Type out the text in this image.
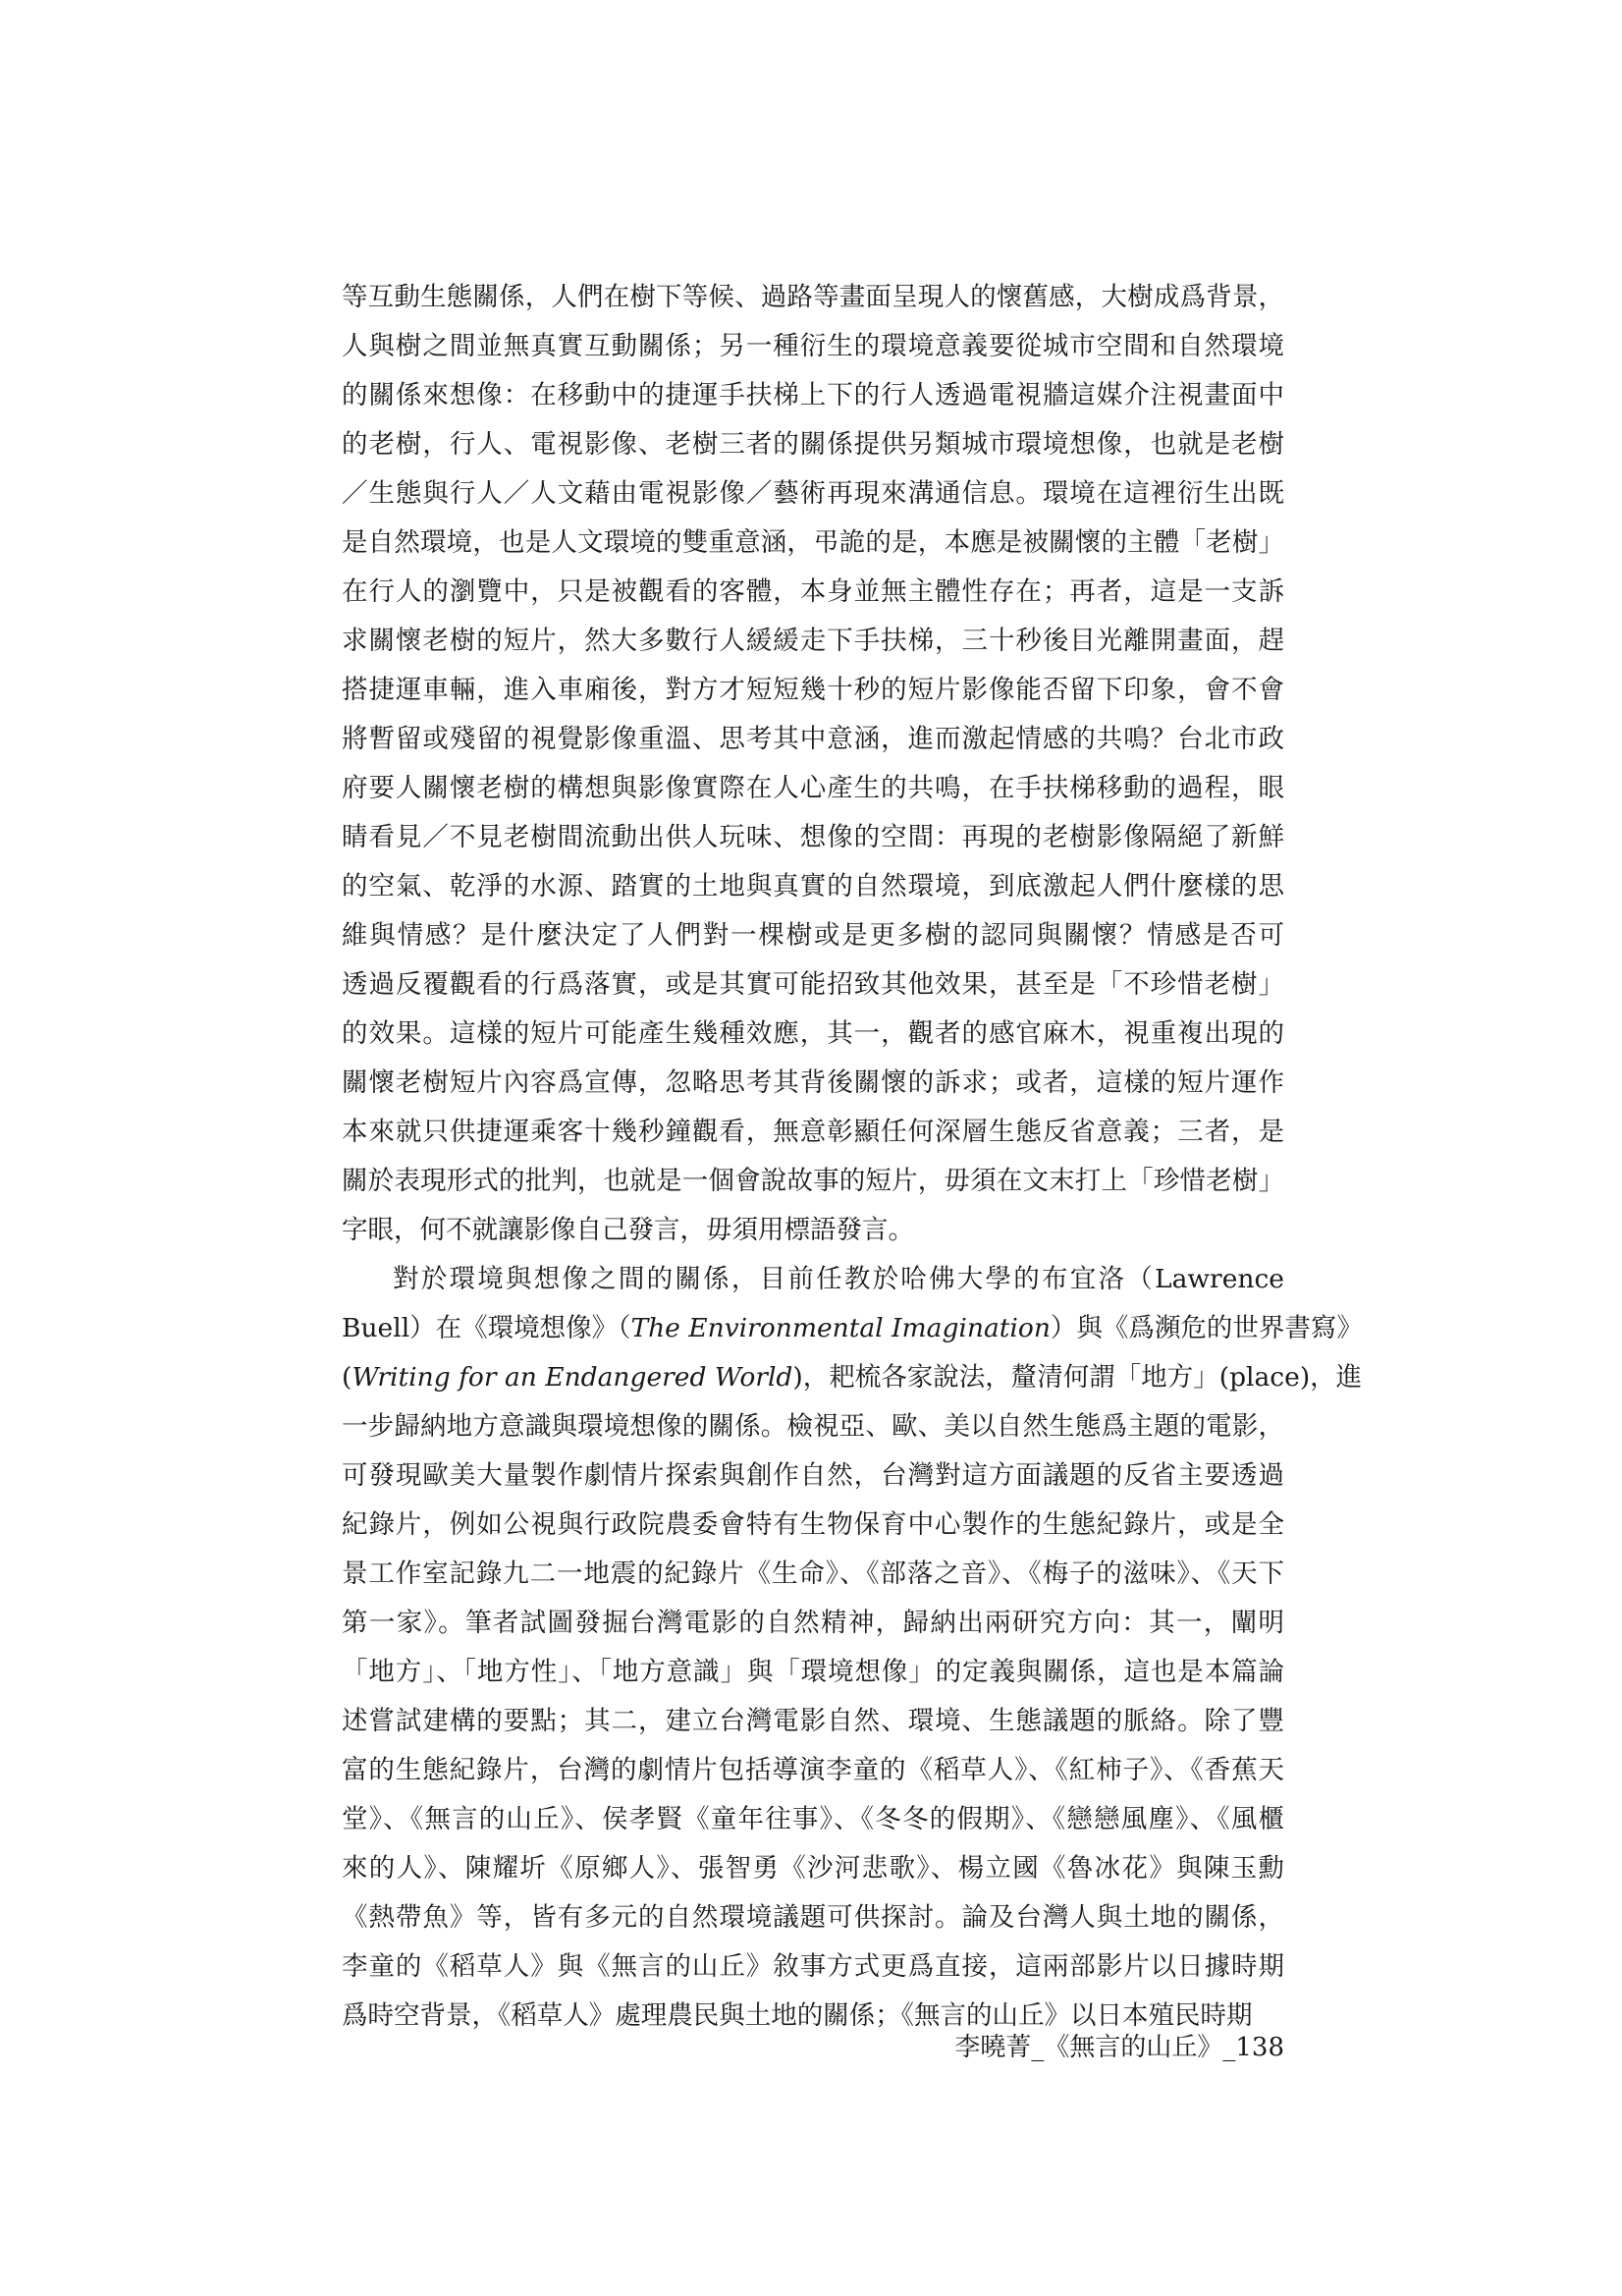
等互動生態關係，人們在樹下等候、過路等畫面呈現人的懷舊感，大樹成爲背景，
人與樹之間並無真實互動關係；另一種衍生的環境意義要從城市空間和自然環境
的關係來想像：在移動中的捷運手扶梯上下的行人透過電視牆這媒介注視畫面中
的老樹，行人、電視影像、老樹三者的關係提供另類城市環境想像，也就是老樹
／生態與行人／人文藉由電視影像／藝術再現來溝通信息。環境在這裡衍生出既
是自然環境，也是人文環境的雙重意涵，弔詭的是，本應是被關懷的主體「老樹」
在行人的瀏覽中，只是被觀看的客體，本身並無主體性存在；再者，這是一支訴
求關懷老樹的短片，然大多數行人緩緩走下手扶梯，三十秒後目光離開畫面，趕
搭捷運車輛，進入車廂後，對方才短短幾十秒的短片影像能否留下印象，會不會
將暫留或殘留的視覺影像重溫、思考其中意涵，進而激起情感的共鳴？台北市政
府要人關懷老樹的構想與影像實際在人心產生的共鳴，在手扶梯移動的過程，眼
睛看見／不見老樹間流動出供人玩味、想像的空間：再現的老樹影像隔絕了新鮮
的空氣、乾淨的水源、踏實的土地與真實的自然環境，到底激起人們什麼樣的思
維與情感？是什麼決定了人們對一棵樹或是更多樹的認同與關懷？情感是否可
透過反覆觀看的行爲落實，或是其實可能招致其他效果，甚至是「不珍惜老樹」
的效果。這樣的短片可能產生幾種效應，其一，觀者的感官麻木，視重複出現的
關懷老樹短片內容爲宣傳，忽略思考其背後關懷的訴求；或者，這樣的短片運作
本來就只供捷運乘客十幾秒鐘觀看，無意彰顯任何深層生態反省意義；三者，是
關於表現形式的批判，也就是一個會說故事的短片，毋須在文末打上「珍惜老樹」
字眼，何不就讓影像自己發言，毋須用標語發言。
對於環境與想像之間的關係，目前任教於哈佛大學的布宜洛（Lawrence
Buell）在《環境想像》（The Environmental Imagination）與《爲瀕危的世界書寫》
(Writing for an Endangered World)，耙梳各家說法，釐清何謂「地方」(place)，進
一步歸納地方意識與環境想像的關係。檢視亞、歐、美以自然生態爲主題的電影，
可發現歐美大量製作劇情片探索與創作自然，台灣對這方面議題的反省主要透過
紀錄片，例如公視與行政院農委會特有生物保育中心製作的生態紀錄片，或是全
景工作室記錄九二一地震的紀錄片《生命》、《部落之音》、《梅子的滋味》、《天下
第一家》。筆者試圖發掘台灣電影的自然精神，歸納出兩研究方向：其一，闡明
「地方」、「地方性」、「地方意識」與「環境想像」的定義與關係，這也是本篇論
述嘗試建構的要點；其二，建立台灣電影自然、環境、生態議題的脈絡。除了豐
富的生態紀錄片，台灣的劇情片包括導演李童的《稻草人》、《紅柿子》、《香蕉天
堂》、《無言的山丘》、侯孝賢《童年往事》、《冬冬的假期》、《戀戀風塵》、《風櫃
來的人》、陳耀圻《原鄉人》、張智勇《沙河悲歌》、楊立國《魯冰花》與陳玉勳
《熱帶魚》等，皆有多元的自然環境議題可供探討。論及台灣人與土地的關係，
李童的《稻草人》與《無言的山丘》敘事方式更爲直接，這兩部影片以日據時期
爲時空背景，《稻草人》處理農民與土地的關係；《無言的山丘》以日本殖民時期
李曉菁_《無言的山丘》_138
